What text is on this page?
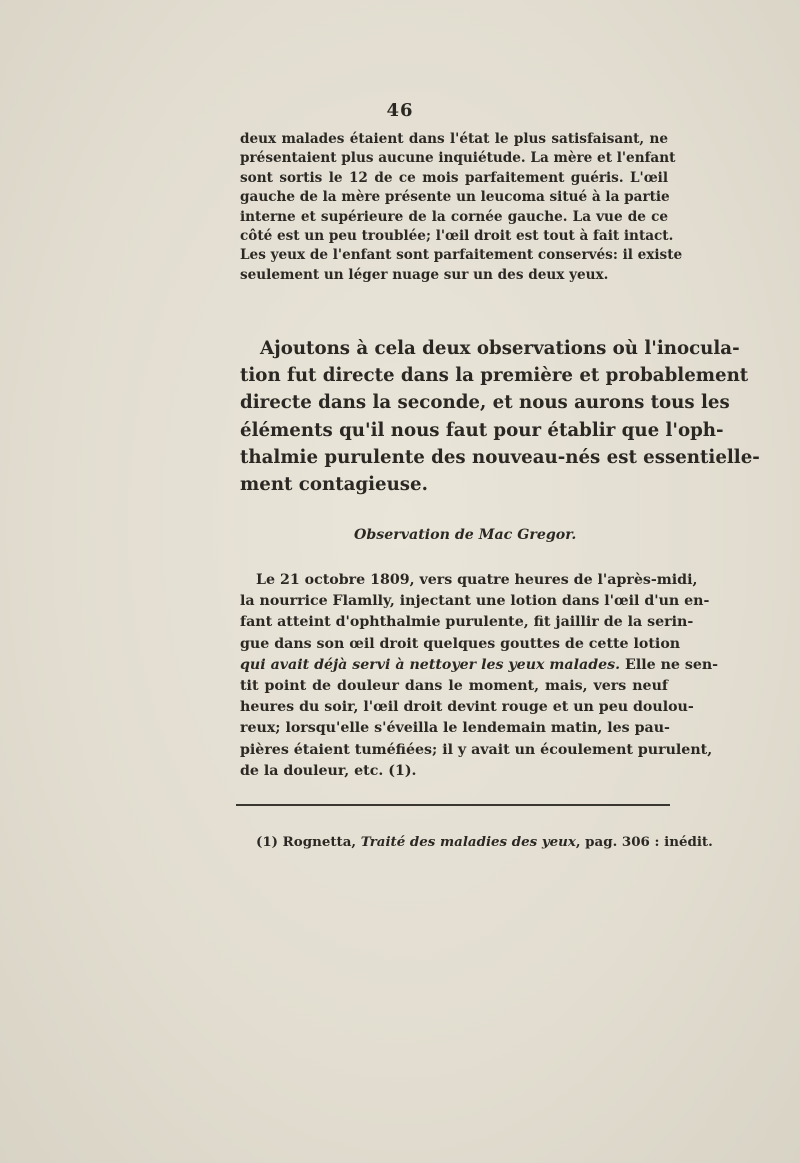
46
deux malades étaient dans l'état le plus satisfaisant, ne
présentaient plus aucune inquiétude. La mère et l'enfant
sont sortis le 12 de ce mois parfaitement guéris. L'œil
gauche de la mère présente un leucoma situé à la partie
interne et supérieure de la cornée gauche. La vue de ce
côté est un peu troublée; l'œil droit est tout à fait intact.
Les yeux de l'enfant sont parfaitement conservés: il existe
seulement un léger nuage sur un des deux yeux.
Ajoutons à cela deux observations où l'inocula-
tion fut directe dans la première et probablement
directe dans la seconde, et nous aurons tous les
éléments qu'il nous faut pour établir que l'oph-
thalmie purulente des nouveau-nés est essentielle-
ment contagieuse.
Observation de Mac Gregor.
Le 21 octobre 1809, vers quatre heures de l'après-midi,
la nourrice Flamlly, injectant une lotion dans l'œil d'un en-
fant atteint d'ophthalmie purulente, fit jaillir de la serin-
gue dans son œil droit quelques gouttes de cette lotion
qui avait déjà servi à nettoyer les yeux malades. Elle ne sen-
tit point de douleur dans le moment, mais, vers neuf
heures du soir, l'œil droit devint rouge et un peu doulou-
reux; lorsqu'elle s'éveilla le lendemain matin, les pau-
pières étaient tuméfiées; il y avait un écoulement purulent,
de la douleur, etc. (1).
(1) Rognetta, Traité des maladies des yeux, pag. 306 : inédit.
